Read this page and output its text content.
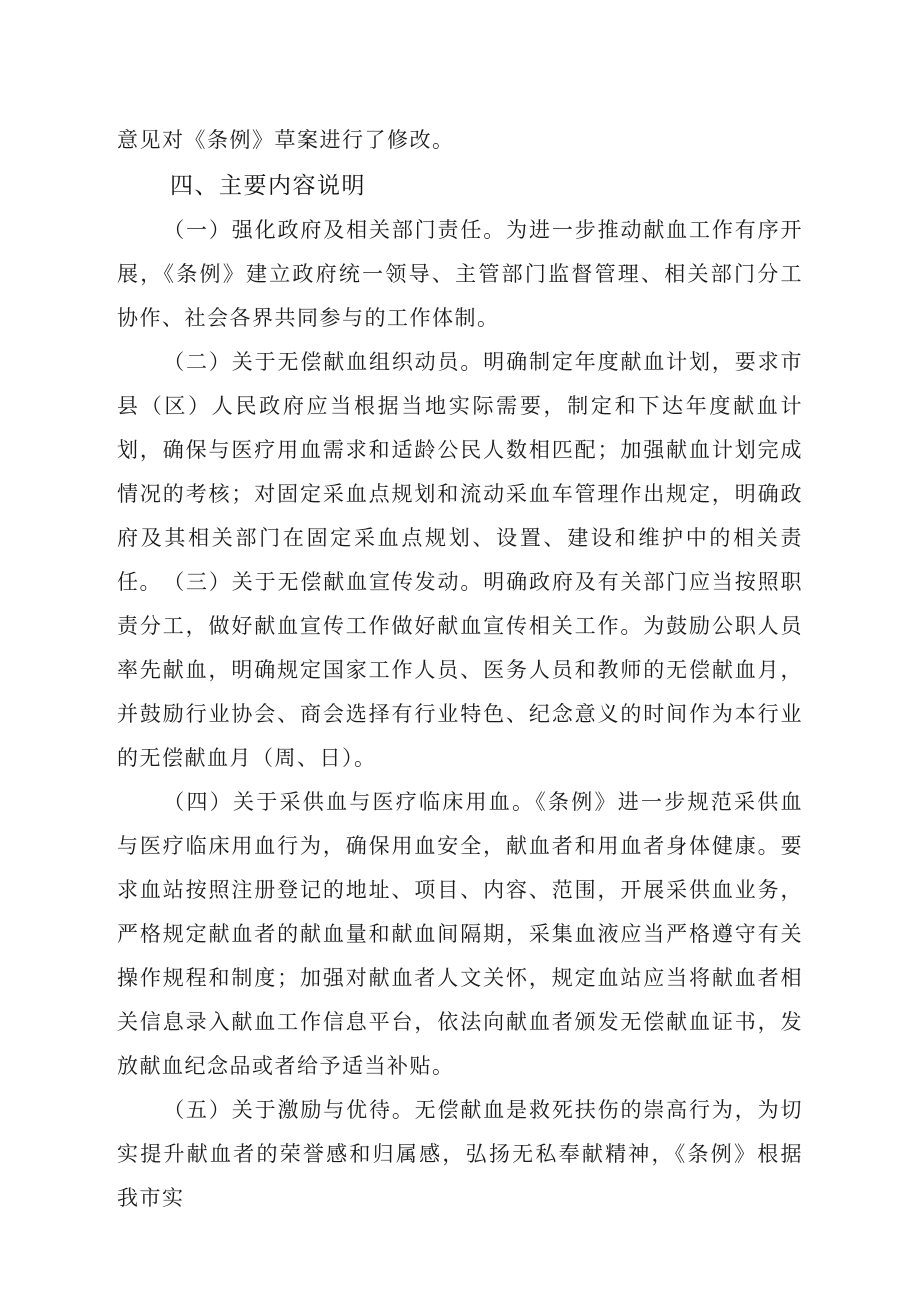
意见对《条例》草案进行了修改。

四、主要内容说明

（一）强化政府及相关部门责任。为进一步推动献血工作有序开展，《条例》建立政府统一领导、主管部门监督管理、相关部门分工协作、社会各界共同参与的工作体制。

（二）关于无偿献血组织动员。明确制定年度献血计划，要求市县（区）人民政府应当根据当地实际需要，制定和下达年度献血计划，确保与医疗用血需求和适龄公民人数相匹配；加强献血计划完成情况的考核；对固定采血点规划和流动采血车管理作出规定，明确政府及其相关部门在固定采血点规划、设置、建设和维护中的相关责任。 （三）关于无偿献血宣传发动。明确政府及有关部门应当按照职责分工，做好献血宣传工作做好献血宣传相关工作。为鼓励公职人员率先献血，明确规定国家工作人员、医务人员和教师的无偿献血月，并鼓励行业协会、商会选择有行业特色、纪念意义的时间作为本行业的无偿献血月（周、日）。

（四）关于采供血与医疗临床用血。《条例》进一步规范采供血与医疗临床用血行为，确保用血安全，献血者和用血者身体健康。要求血站按照注册登记的地址、项目、内容、范围，开展采供血业务，严格规定献血者的献血量和献血间隔期，采集血液应当严格遵守有关操作规程和制度；加强对献血者人文关怀，规定血站应当将献血者相关信息录入献血工作信息平台，依法向献血者颁发无偿献血证书，发放献血纪念品或者给予适当补贴。

（五）关于激励与优待。无偿献血是救死扶伤的崇高行为，为切实提升献血者的荣誉感和归属感，弘扬无私奉献精神，《条例》根据我市实
